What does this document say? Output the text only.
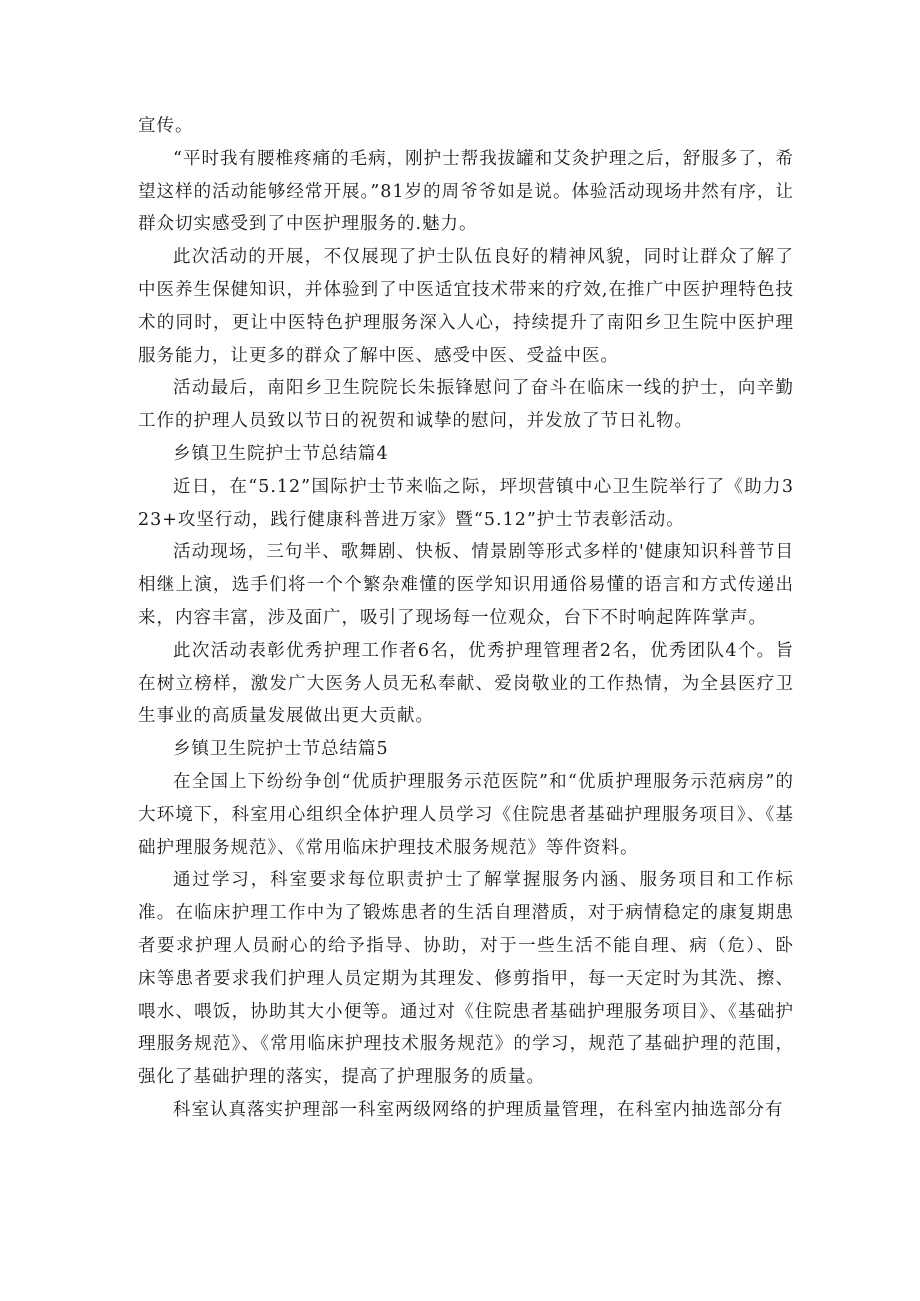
宣传。

“平时我有腰椎疼痛的毛病，刚护士帮我拔罐和艾灸护理之后，舒服多了，希望这样的活动能够经常开展。”81岁的周爷爷如是说。体验活动现场井然有序，让群众切实感受到了中医护理服务的.魅力。

此次活动的开展，不仅展现了护士队伍良好的精神风貌，同时让群众了解了中医养生保健知识，并体验到了中医适宜技术带来的疗效,在推广中医护理特色技术的同时，更让中医特色护理服务深入人心，持续提升了南阳乡卫生院中医护理服务能力，让更多的群众了解中医、感受中医、受益中医。

活动最后，南阳乡卫生院院长朱振锋慰问了奋斗在临床一线的护士，向辛勤工作的护理人员致以节日的祝贺和诚挚的慰问，并发放了节日礼物。

乡镇卫生院护士节总结篇4

近日，在“5.12”国际护士节来临之际，坪坝营镇中心卫生院举行了《助力323+攻坚行动，践行健康科普进万家》暨“5.12”护士节表彰活动。

活动现场，三句半、歌舞剧、快板、情景剧等形式多样的'健康知识科普节目相继上演，选手们将一个个繁杂难懂的医学知识用通俗易懂的语言和方式传递出来，内容丰富，涉及面广，吸引了现场每一位观众，台下不时响起阵阵掌声。

此次活动表彰优秀护理工作者6名，优秀护理管理者2名，优秀团队4个。旨在树立榜样，激发广大医务人员无私奉献、爱岗敬业的工作热情，为全县医疗卫生事业的高质量发展做出更大贡献。

乡镇卫生院护士节总结篇5

在全国上下纷纷争创“优质护理服务示范医院”和“优质护理服务示范病房”的大环境下，科室用心组织全体护理人员学习《住院患者基础护理服务项目》、《基础护理服务规范》、《常用临床护理技术服务规范》等件资料。

通过学习，科室要求每位职责护士了解掌握服务内涵、服务项目和工作标准。在临床护理工作中为了锻炼患者的生活自理潜质，对于病情稳定的康复期患者要求护理人员耐心的给予指导、协助，对于一些生活不能自理、病（危）、卧床等患者要求我们护理人员定期为其理发、修剪指甲，每一天定时为其洗、擦、喂水、喂饭，协助其大小便等。通过对《住院患者基础护理服务项目》、《基础护理服务规范》、《常用临床护理技术服务规范》的学习，规范了基础护理的范围，强化了基础护理的落实，提高了护理服务的质量。

科室认真落实护理部一科室两级网络的护理质量管理，在科室内抽选部分有
